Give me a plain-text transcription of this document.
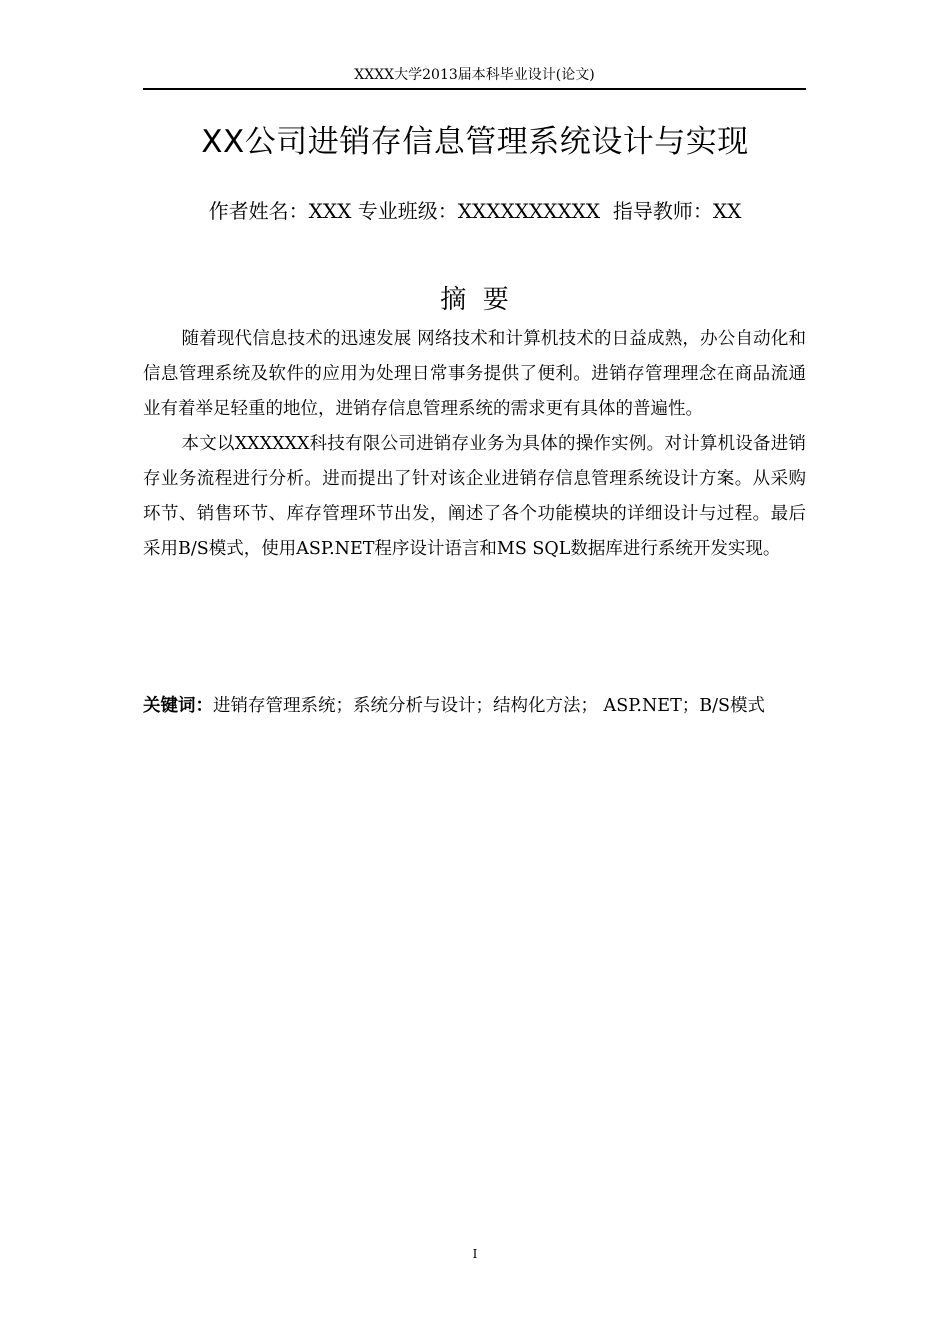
XXXX大学2013届本科毕业设计(论文)
XX公司进销存信息管理系统设计与实现
作者姓名：XXX 专业班级：XXXXXXXXXX  指导教师：XX
摘  要

随着现代信息技术的迅速发展 网络技术和计算机技术的日益成熟，办公自动化和信息管理系统及软件的应用为处理日常事务提供了便利。进销存管理理念在商品流通业有着举足轻重的地位，进销存信息管理系统的需求更有具体的普遍性。

本文以XXXXXX科技有限公司进销存业务为具体的操作实例。对计算机设备进销存业务流程进行分析。进而提出了针对该企业进销存信息管理系统设计方案。从采购环节、销售环节、库存管理环节出发，阐述了各个功能模块的详细设计与过程。最后采用B/S模式，使用ASP.NET程序设计语言和MS SQL数据库进行系统开发实现。

关键词：进销存管理系统；系统分析与设计；结构化方法； ASP.NET；B/S模式
I
